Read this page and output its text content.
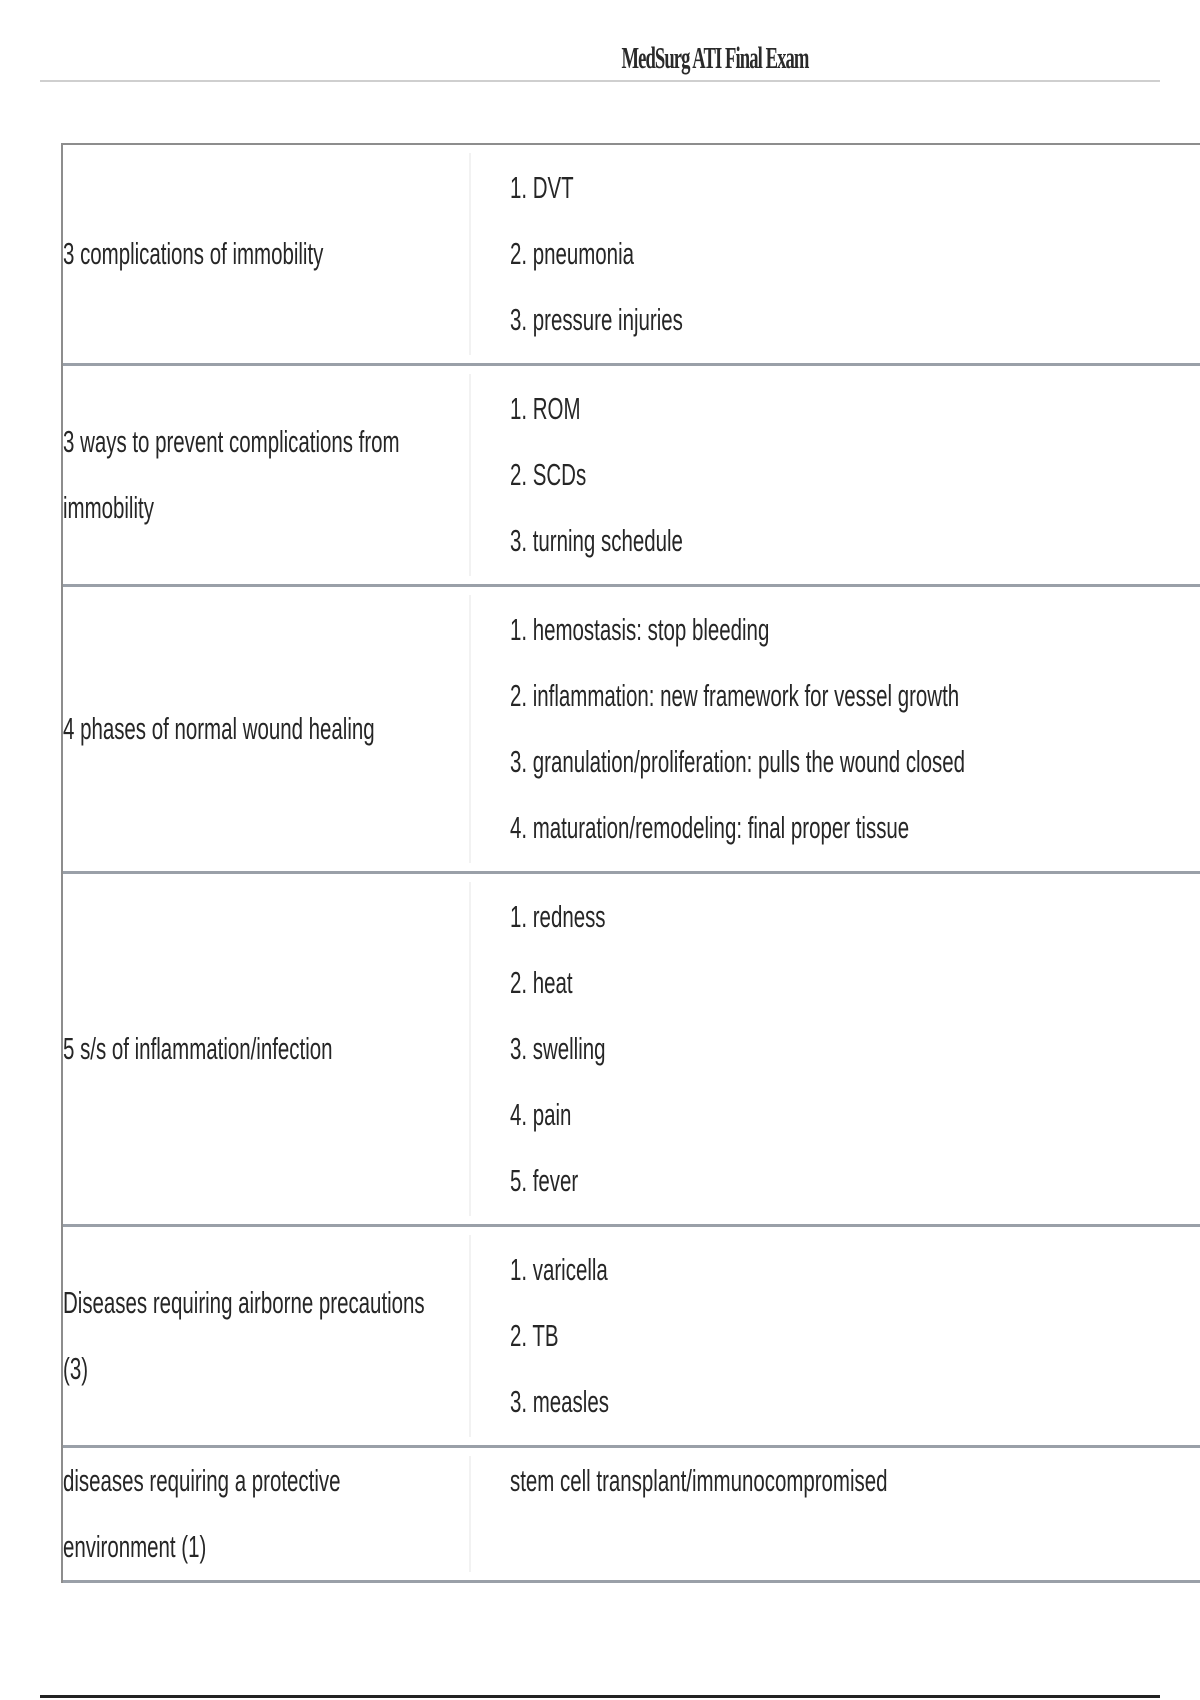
MedSurg ATI Final Exam
3 complications of immobility
1. DVT
2. pneumonia
3. pressure injuries
3 ways to prevent complications from
immobility
1. ROM
2. SCDs
3. turning schedule
4 phases of normal wound healing
1. hemostasis: stop bleeding
2. inflammation: new framework for vessel growth
3. granulation/proliferation: pulls the wound closed
4. maturation/remodeling: final proper tissue
5 s/s of inflammation/infection
1. redness
2. heat
3. swelling
4. pain
5. fever
Diseases requiring airborne precautions
(3)
1. varicella
2. TB
3. measles
diseases requiring a protective
environment (1)
stem cell transplant/immunocompromised
